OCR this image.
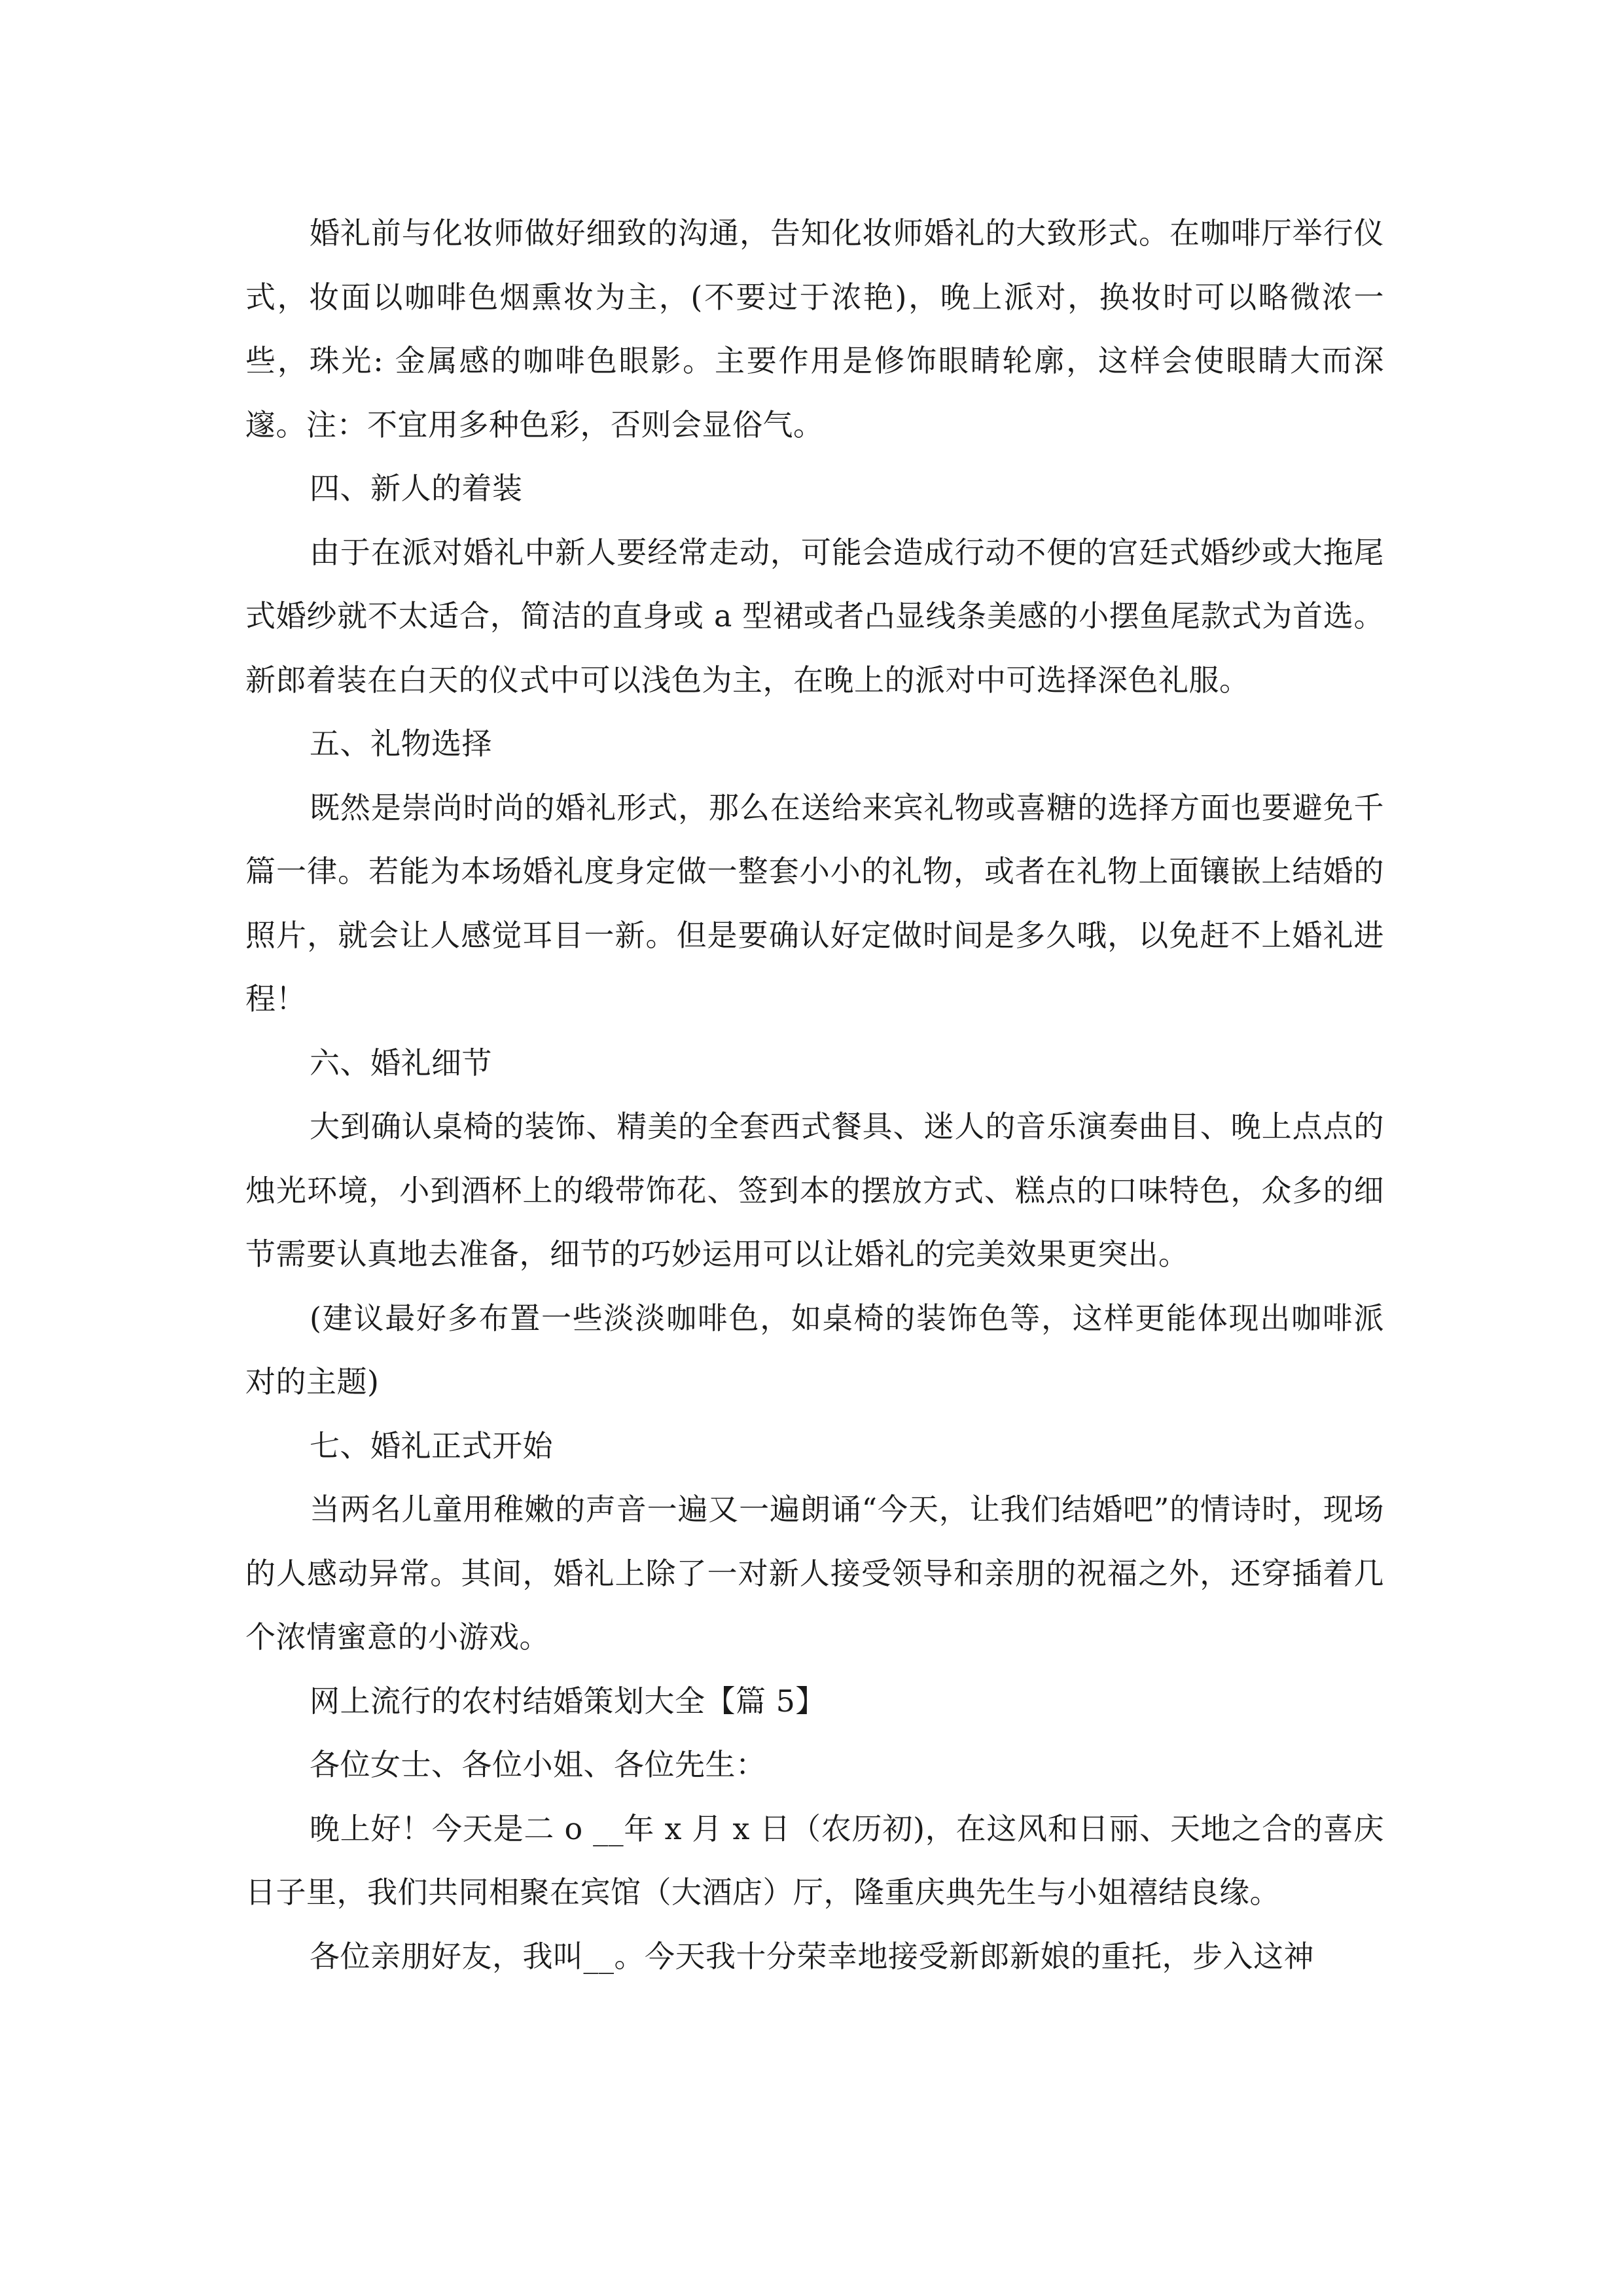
婚礼前与化妆师做好细致的沟通，告知化妆师婚礼的大致形式。在咖啡厅举行仪式，妆面以咖啡色烟熏妆为主，(不要过于浓艳)，晚上派对，换妆时可以略微浓一些，珠光: 金属感的咖啡色眼影。主要作用是修饰眼睛轮廓，这样会使眼睛大而深邃。注：不宜用多种色彩，否则会显俗气。

四、新人的着装

由于在派对婚礼中新人要经常走动，可能会造成行动不便的宫廷式婚纱或大拖尾式婚纱就不太适合，简洁的直身或 a 型裙或者凸显线条美感的小摆鱼尾款式为首选。新郎着装在白天的仪式中可以浅色为主，在晚上的派对中可选择深色礼服。

五、礼物选择

既然是崇尚时尚的婚礼形式，那么在送给来宾礼物或喜糖的选择方面也要避免千篇一律。若能为本场婚礼度身定做一整套小小的礼物，或者在礼物上面镶嵌上结婚的照片，就会让人感觉耳目一新。但是要确认好定做时间是多久哦，以免赶不上婚礼进程！

六、婚礼细节

大到确认桌椅的装饰、精美的全套西式餐具、迷人的音乐演奏曲目、晚上点点的烛光环境，小到酒杯上的缎带饰花、签到本的摆放方式、糕点的口味特色，众多的细节需要认真地去准备，细节的巧妙运用可以让婚礼的完美效果更突出。

(建议最好多布置一些淡淡咖啡色，如桌椅的装饰色等，这样更能体现出咖啡派对的主题)

七、婚礼正式开始

当两名儿童用稚嫩的声音一遍又一遍朗诵“今天，让我们结婚吧”的情诗时，现场的人感动异常。其间，婚礼上除了一对新人接受领导和亲朋的祝福之外，还穿插着几个浓情蜜意的小游戏。

网上流行的农村结婚策划大全【篇 5】

各位女士、各位小姐、各位先生：

晚上好！今天是二 o __年 x 月 x 日（农历初)，在这风和日丽、天地之合的喜庆日子里，我们共同相聚在宾馆（大酒店）厅，隆重庆典先生与小姐禧结良缘。

各位亲朋好友，我叫__。今天我十分荣幸地接受新郎新娘的重托，步入这神
